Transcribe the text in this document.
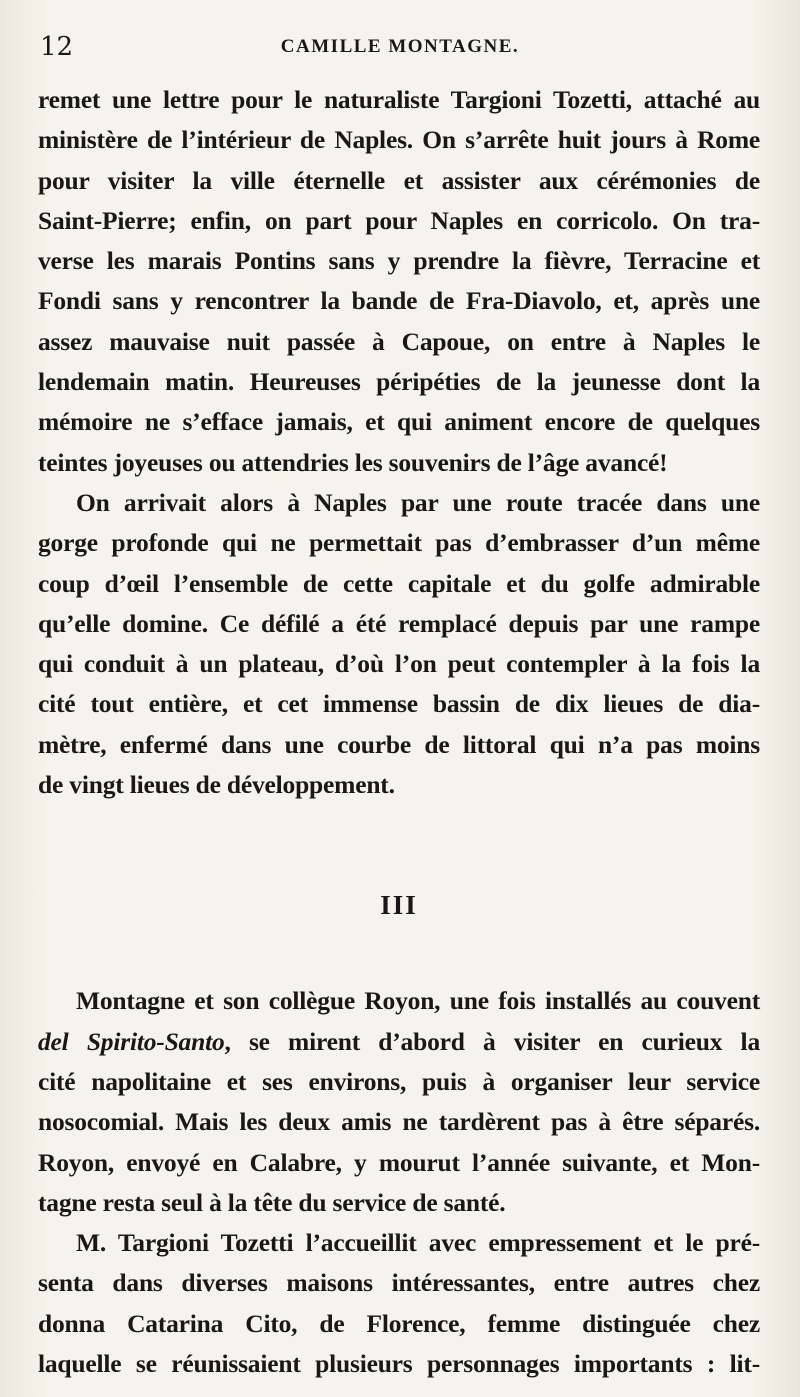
12	CAMILLE MONTAGNE.
remet une lettre pour le naturaliste Targioni Tozetti, attaché au
ministère de l’intérieur de Naples. On s’arrête huit jours à Rome
pour visiter la ville éternelle et assister aux cérémonies de
Saint-Pierre; enfin, on part pour Naples en corricolo. On tra-
verse les marais Pontins sans y prendre la fièvre, Terracine et
Fondi sans y rencontrer la bande de Fra-Diavolo, et, après une
assez mauvaise nuit passée à Capoue, on entre à Naples le
lendemain matin. Heureuses péripéties de la jeunesse dont la
mémoire ne s’efface jamais, et qui animent encore de quelques
teintes joyeuses ou attendries les souvenirs de l’âge avancé!
On arrivait alors à Naples par une route tracée dans une
gorge profonde qui ne permettait pas d’embrasser d’un même
coup d’œil l’ensemble de cette capitale et du golfe admirable
qu’elle domine. Ce défilé a été remplacé depuis par une rampe
qui conduit à un plateau, d’où l’on peut contempler à la fois la
cité tout entière, et cet immense bassin de dix lieues de dia-
mètre, enfermé dans une courbe de littoral qui n’a pas moins
de vingt lieues de développement.
III
Montagne et son collègue Royon, une fois installés au couvent
del Spirito-Santo, se mirent d’abord à visiter en curieux la
cité napolitaine et ses environs, puis à organiser leur service
nosocomial. Mais les deux amis ne tardèrent pas à être séparés.
Royon, envoyé en Calabre, y mourut l’année suivante, et Mon-
tagne resta seul à la tête du service de santé.
M. Targioni Tozetti l’accueillit avec empressement et le pré-
senta dans diverses maisons intéressantes, entre autres chez
donna Catarina Cito, de Florence, femme distinguée chez
laquelle se réunissaient plusieurs personnages importants : lit-
